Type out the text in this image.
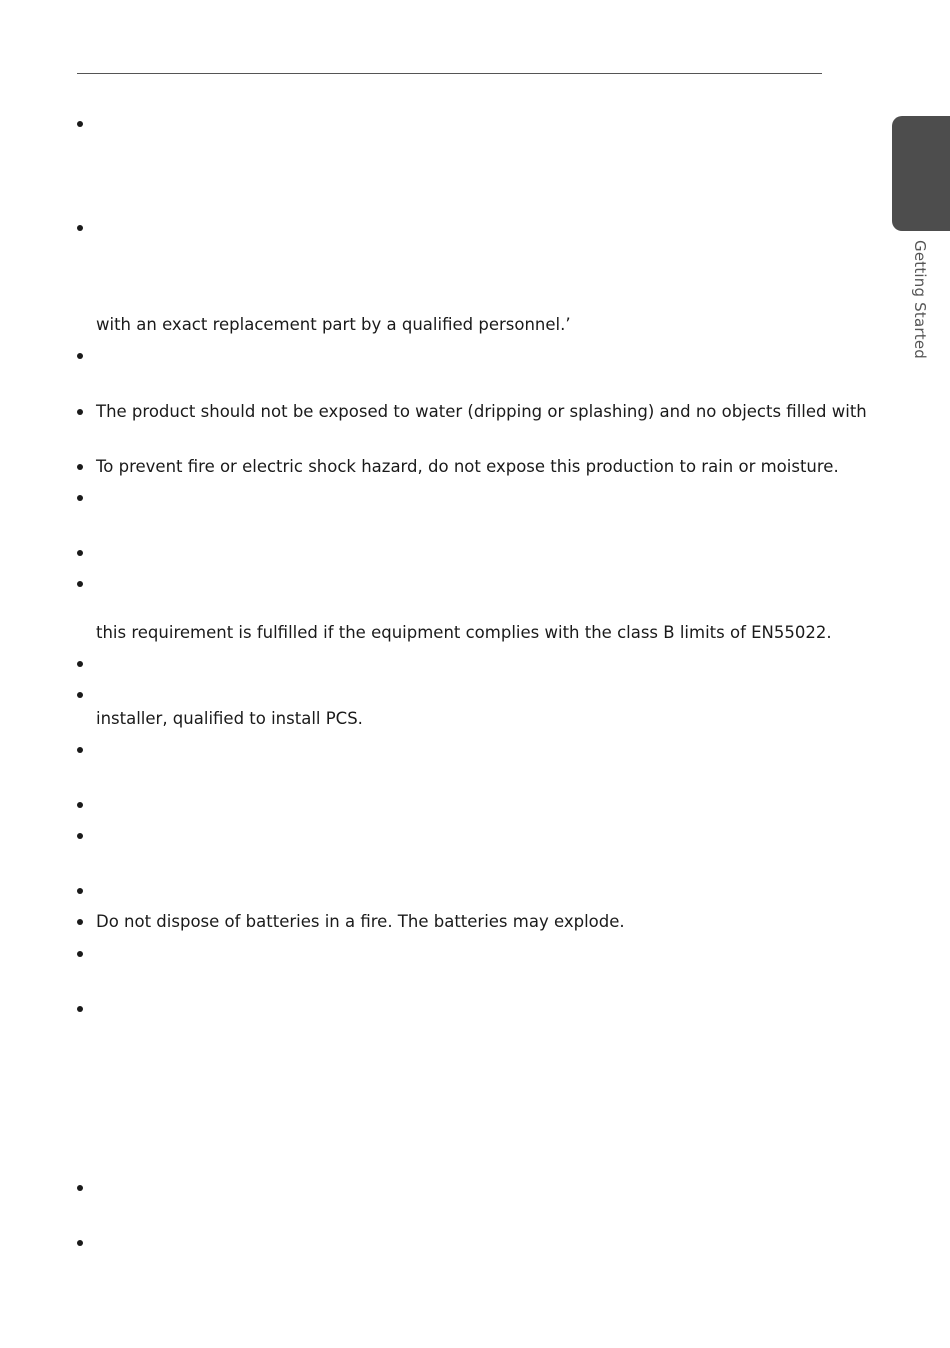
Getting Started
with an exact replacement part by a qualified personnel.’
The product should not be exposed to water (dripping or splashing) and no objects filled with
To prevent fire or electric shock hazard, do not expose this production to rain or moisture.
this requirement is fulfilled if the equipment complies with the class B limits of EN55022.
installer, qualified to install PCS.
Do not dispose of batteries in a fire. The batteries may explode.
